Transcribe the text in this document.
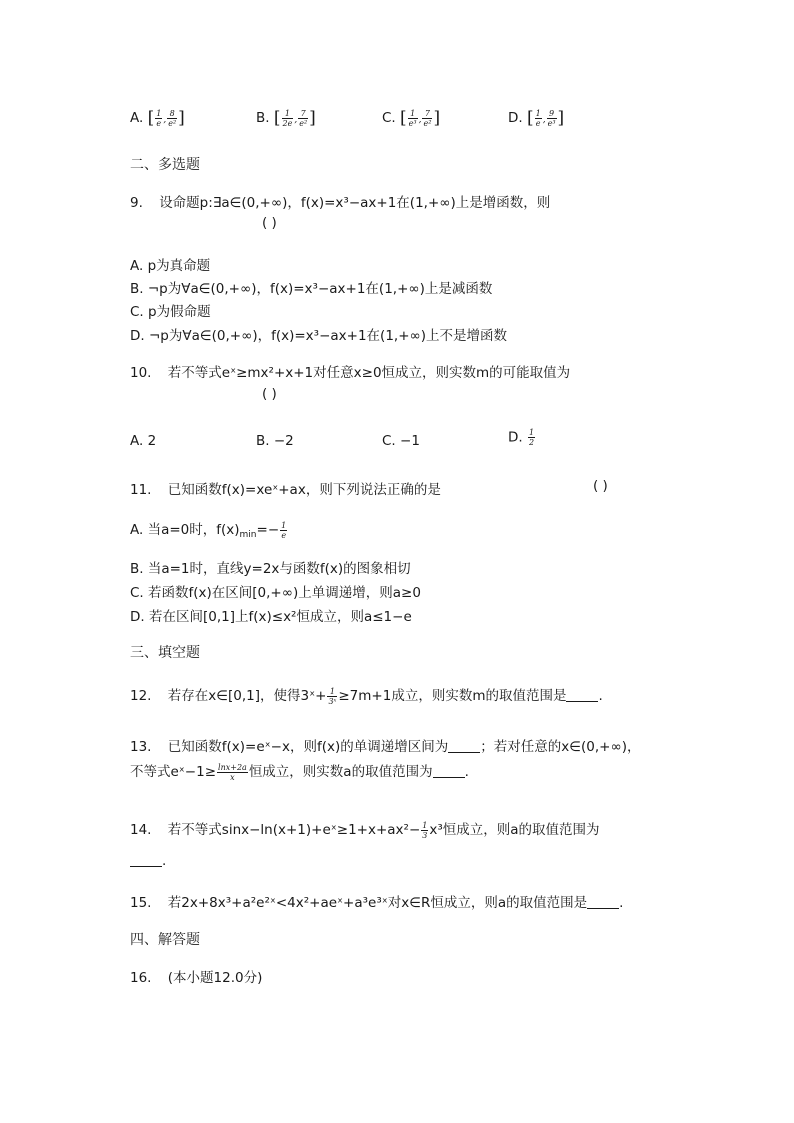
A. [ $\frac{1}{e}$ , $\frac{8}{\text{e²}}$ ]	B. [ $\frac{1}{2e}$ , $\frac{7}{\text{e²}}$ ]	C. [ $\frac{1}{\text{e³}}$ , $\frac{7}{\text{e²}}$ ]	D. [ $\frac{1}{e}$ , $\frac{9}{\text{e³}}$ ]
二、多选题
9. 设命题p:∃a∈(0,+∞)，f(x)=x³−ax+1在(1,+∞)上是增函数，则
( )
A. p为真命题
B. ¬p为∀a∈(0,+∞)，f(x)=x³−ax+1在(1,+∞)上是减函数
C. p为假命题
D. ¬p为∀a∈(0,+∞)，f(x)=x³−ax+1在(1,+∞)上不是增函数
10. 若不等式eˣ≥mx²+x+1对任意x≥0恒成立，则实数m的可能取值为
( )
A. 2	B. −2	C. −1	D. $\frac{1}{2}$
11. 已知函数f(x)=xeˣ+ax，则下列说法正确的是	( )
A. 当a=0时，$f(x)_{min}=- \frac{1}{e}$
B. 当a=1时，直线y=2x与函数f(x)的图象相切
C. 若函数f(x)在区间[0,+∞)上单调递增，则a≥0
D. 若在区间[0,1]上f(x)≤x²恒成立，则a≤1−e
三、填空题
12. 若存在x∈[0,1]，使得3ˣ+ $\frac{1}{\text{3ˣ}} \ge 7m+1$成立，则实数m的取值范围是 .
13. 已知函数f(x)=eˣ−x，则f(x)的单调递增区间为 ；若对任意的x∈(0,+∞)，
不等式eˣ−1≥ $\frac{\ln x+2a}{x}$ 恒成立，则实数a的取值范围为 .
14. 若不等式sinx−ln(x+1)+eˣ≥1+x+ax²− $\frac{1}{3} x^3$恒成立，则a的取值范围为
.
15. 若2x+8x³+a²e²ˣ<4x²+aeˣ+a³e³ˣ对x∈R恒成立，则a的取值范围是 .
四、解答题
16. (本小题12.0分)
